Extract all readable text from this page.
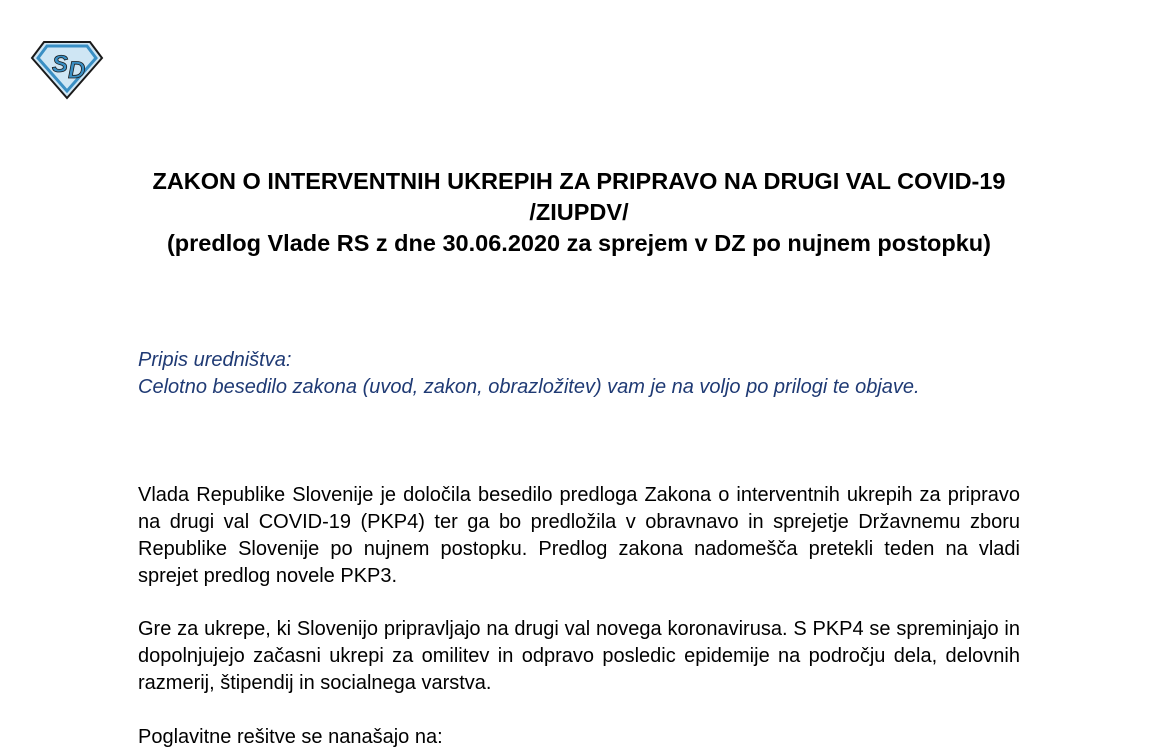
S D
ZAKON O INTERVENTNIH UKREPIH ZA PRIPRAVO NA DRUGI VAL COVID-19
/ZIUPDV/
(predlog Vlade RS z dne 30.06.2020 za sprejem v DZ po nujnem postopku)

Pripis uredništva:

Celotno besedilo zakona (uvod, zakon, obrazložitev) vam je na voljo po prilogi te objave.

Vlada Republike Slovenije je določila besedilo predloga Zakona o interventnih ukrepih za pripravo na drugi val COVID-19 (PKP4) ter ga bo predložila v obravnavo in sprejetje Državnemu zboru Republike Slovenije po nujnem postopku. Predlog zakona nadomešča pretekli teden na vladi sprejet predlog novele PKP3.

Gre za ukrepe, ki Slovenijo pripravljajo na drugi val novega koronavirusa. S PKP4 se spreminjajo in dopolnjujejo začasni ukrepi za omilitev in odpravo posledic epidemije na področju dela, delovnih razmerij, štipendij in socialnega varstva.

Poglavitne rešitve se nanašajo na:
